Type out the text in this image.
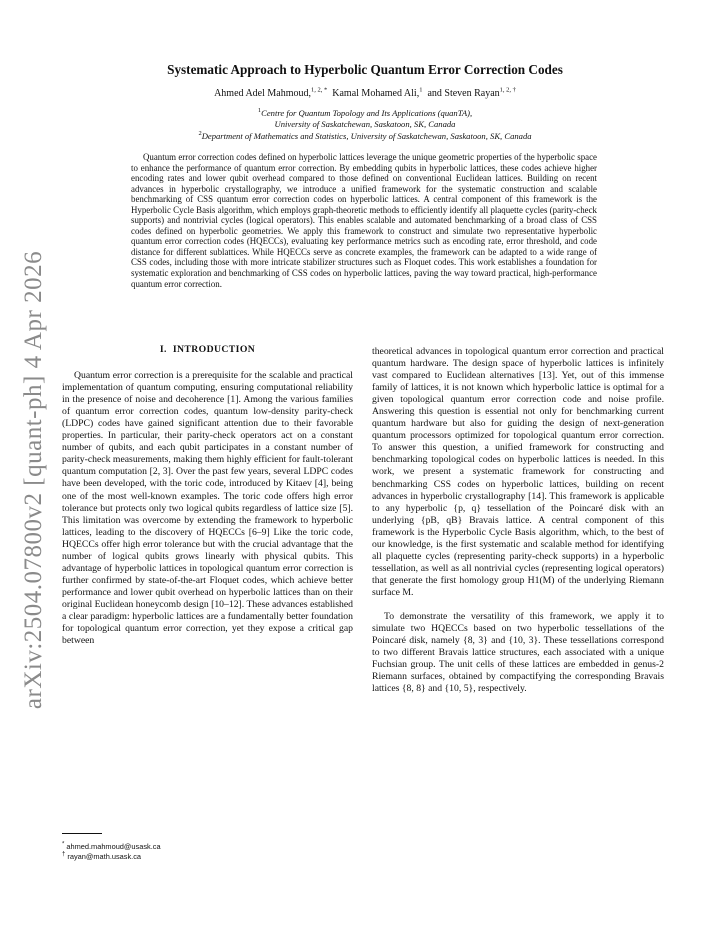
arXiv:2504.07800v2 [quant-ph] 4 Apr 2026
Systematic Approach to Hyperbolic Quantum Error Correction Codes
Ahmed Adel Mahmoud,$^{1, 2, *}$ Kamal Mohamed Ali,$^1$ and Steven Rayan$^{1, 2, \dagger}$
$^1$Centre for Quantum Topology and Its Applications (quanTA),
University of Saskatchewan, Saskatoon, SK, Canada
$^2$Department of Mathematics and Statistics, University of Saskatchewan, Saskatoon, SK, Canada

Quantum error correction codes defined on hyperbolic lattices leverage the unique geometric properties of the hyperbolic space to enhance the performance of quantum error correction. By embedding qubits in hyperbolic lattices, these codes achieve higher encoding rates and lower qubit overhead compared to those defined on conventional Euclidean lattices. Building on recent advances in hyperbolic crystallography, we introduce a unified framework for the systematic construction and scalable benchmarking of CSS quantum error correction codes on hyperbolic lattices. A central component of this framework is the Hyperbolic Cycle Basis algorithm, which employs graph-theoretic methods to efficiently identify all plaquette cycles (parity-check supports) and nontrivial cycles (logical operators). This enables scalable and automated benchmarking of a broad class of CSS codes defined on hyperbolic geometries. We apply this framework to construct and simulate two representative hyperbolic quantum error correction codes (HQECCs), evaluating key performance metrics such as encoding rate, error threshold, and code distance for different sublattices. While HQECCs serve as concrete examples, the framework can be adapted to a wide range of CSS codes, including those with more intricate stabilizer structures such as Floquet codes. This work establishes a foundation for systematic exploration and benchmarking of CSS codes on hyperbolic lattices, paving the way toward practical, high-performance quantum error correction.

I. INTRODUCTION

Quantum error correction is a prerequisite for the scalable and practical implementation of quantum computing, ensuring computational reliability in the presence of noise and decoherence [1]. Among the various families of quantum error correction codes, quantum low-density parity-check (LDPC) codes have gained significant attention due to their favorable properties. In particular, their parity-check operators act on a constant number of qubits, and each qubit participates in a constant number of parity-check measurements, making them highly efficient for fault-tolerant quantum computation [2, 3]. Over the past few years, several LDPC codes have been developed, with the toric code, introduced by Kitaev [4], being one of the most well-known examples. The toric code offers high error tolerance but protects only two logical qubits regardless of lattice size [5]. This limitation was overcome by extending the framework to hyperbolic lattices, leading to the discovery of HQECCs [6–9] Like the toric code, HQECCs offer high error tolerance but with the crucial advantage that the number of logical qubits grows linearly with physical qubits. This advantage of hyperbolic lattices in topological quantum error correction is further confirmed by state-of-the-art Floquet codes, which achieve better performance and lower qubit overhead on hyperbolic lattices than on their original Euclidean honeycomb design [10–12]. These advances established a clear paradigm: hyperbolic lattices are a fundamentally better foundation for topological quantum error correction, yet they expose a critical gap between

theoretical advances in topological quantum error correction and practical quantum hardware. The design space of hyperbolic lattices is infinitely vast compared to Euclidean alternatives [13]. Yet, out of this immense family of lattices, it is not known which hyperbolic lattice is optimal for a given topological quantum error correction code and noise profile. Answering this question is essential not only for benchmarking current quantum hardware but also for guiding the design of next-generation quantum processors optimized for topological quantum error correction. To answer this question, a unified framework for constructing and benchmarking topological codes on hyperbolic lattices is needed. In this work, we present a systematic framework for constructing and benchmarking CSS codes on hyperbolic lattices, building on recent advances in hyperbolic crystallography [14]. This framework is applicable to any hyperbolic {p, q} tessellation of the Poincaré disk with an underlying {pB, qB} Bravais lattice. A central component of this framework is the Hyperbolic Cycle Basis algorithm, which, to the best of our knowledge, is the first systematic and scalable method for identifying all plaquette cycles (representing parity-check supports) in a hyperbolic tessellation, as well as all nontrivial cycles (representing logical operators) that generate the first homology group H1(M) of the underlying Riemann surface M.

To demonstrate the versatility of this framework, we apply it to simulate two HQECCs based on two hyperbolic tessellations of the Poincaré disk, namely {8, 3} and {10, 3}. These tessellations correspond to two different Bravais lattice structures, each associated with a unique Fuchsian group. The unit cells of these lattices are embedded in genus-2 Riemann surfaces, obtained by compactifying the corresponding Bravais lattices {8, 8} and {10, 5}, respectively.

* ahmed.mahmoud@usask.ca
† rayan@math.usask.ca
